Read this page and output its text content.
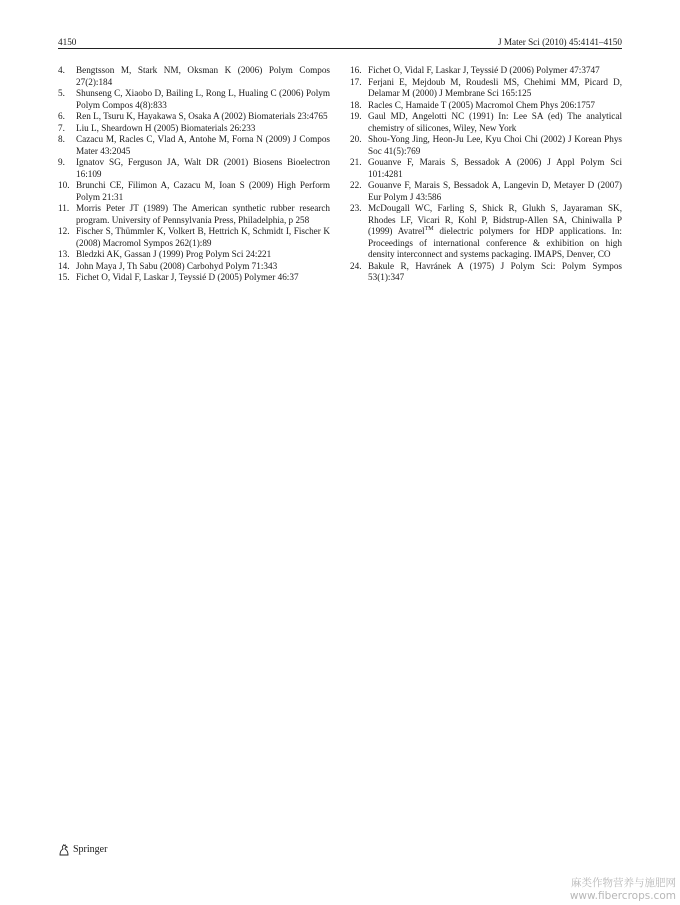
4150	J Mater Sci (2010) 45:4141–4150

4.	Bengtsson M, Stark NM, Oksman K (2006) Polym Compos 27(2):184

5.	Shunseng C, Xiaobo D, Bailing L, Rong L, Hualing C (2006) Polym Polym Compos 4(8):833

6.	Ren L, Tsuru K, Hayakawa S, Osaka A (2002) Biomaterials 23:4765

7.	Liu L, Sheardown H (2005) Biomaterials 26:233

8.	Cazacu M, Racles C, Vlad A, Antohe M, Forna N (2009) J Compos Mater 43:2045

9.	Ignatov SG, Ferguson JA, Walt DR (2001) Biosens Bioelectron 16:109

10. Brunchi CE, Filimon A, Cazacu M, Ioan S (2009) High Perform Polym 21:31

11. Morris Peter JT (1989) The American synthetic rubber research program. University of Pennsylvania Press, Philadelphia, p 258

12. Fischer S, Thümmler K, Volkert B, Hettrich K, Schmidt I, Fischer K (2008) Macromol Sympos 262(1):89

13. Bledzki AK, Gassan J (1999) Prog Polym Sci 24:221

14. John Maya J, Th Sabu (2008) Carbohyd Polym 71:343

15. Fichet O, Vidal F, Laskar J, Teyssié D (2005) Polymer 46:37

16. Fichet O, Vidal F, Laskar J, Teyssié D (2006) Polymer 47:3747

17. Ferjani E, Mejdoub M, Roudesli MS, Chehimi MM, Picard D, Delamar M (2000) J Membrane Sci 165:125

18. Racles C, Hamaide T (2005) Macromol Chem Phys 206:1757

19. Gaul MD, Angelotti NC (1991) In: Lee SA (ed) The analytical chemistry of silicones, Wiley, New York

20. Shou-Yong Jing, Heon-Ju Lee, Kyu Choi Chi (2002) J Korean Phys Soc 41(5):769

21. Gouanve F, Marais S, Bessadok A (2006) J Appl Polym Sci 101:4281

22. Gouanve F, Marais S, Bessadok A, Langevin D, Metayer D (2007) Eur Polym J 43:586

23. McDougall WC, Farling S, Shick R, Glukh S, Jayaraman SK, Rhodes LF, Vicari R, Kohl P, Bidstrup-Allen SA, Chiniwalla P (1999) Avatrel™ dielectric polymers for HDP applications. In: Proceedings of international conference & exhibition on high density interconnect and systems packaging. IMAPS, Denver, CO

24. Bakule R, Havránek A (1975) J Polym Sci: Polym Sympos 53(1):347

Springer
麻类作物营养与施肥网
www.fibercrops.com
